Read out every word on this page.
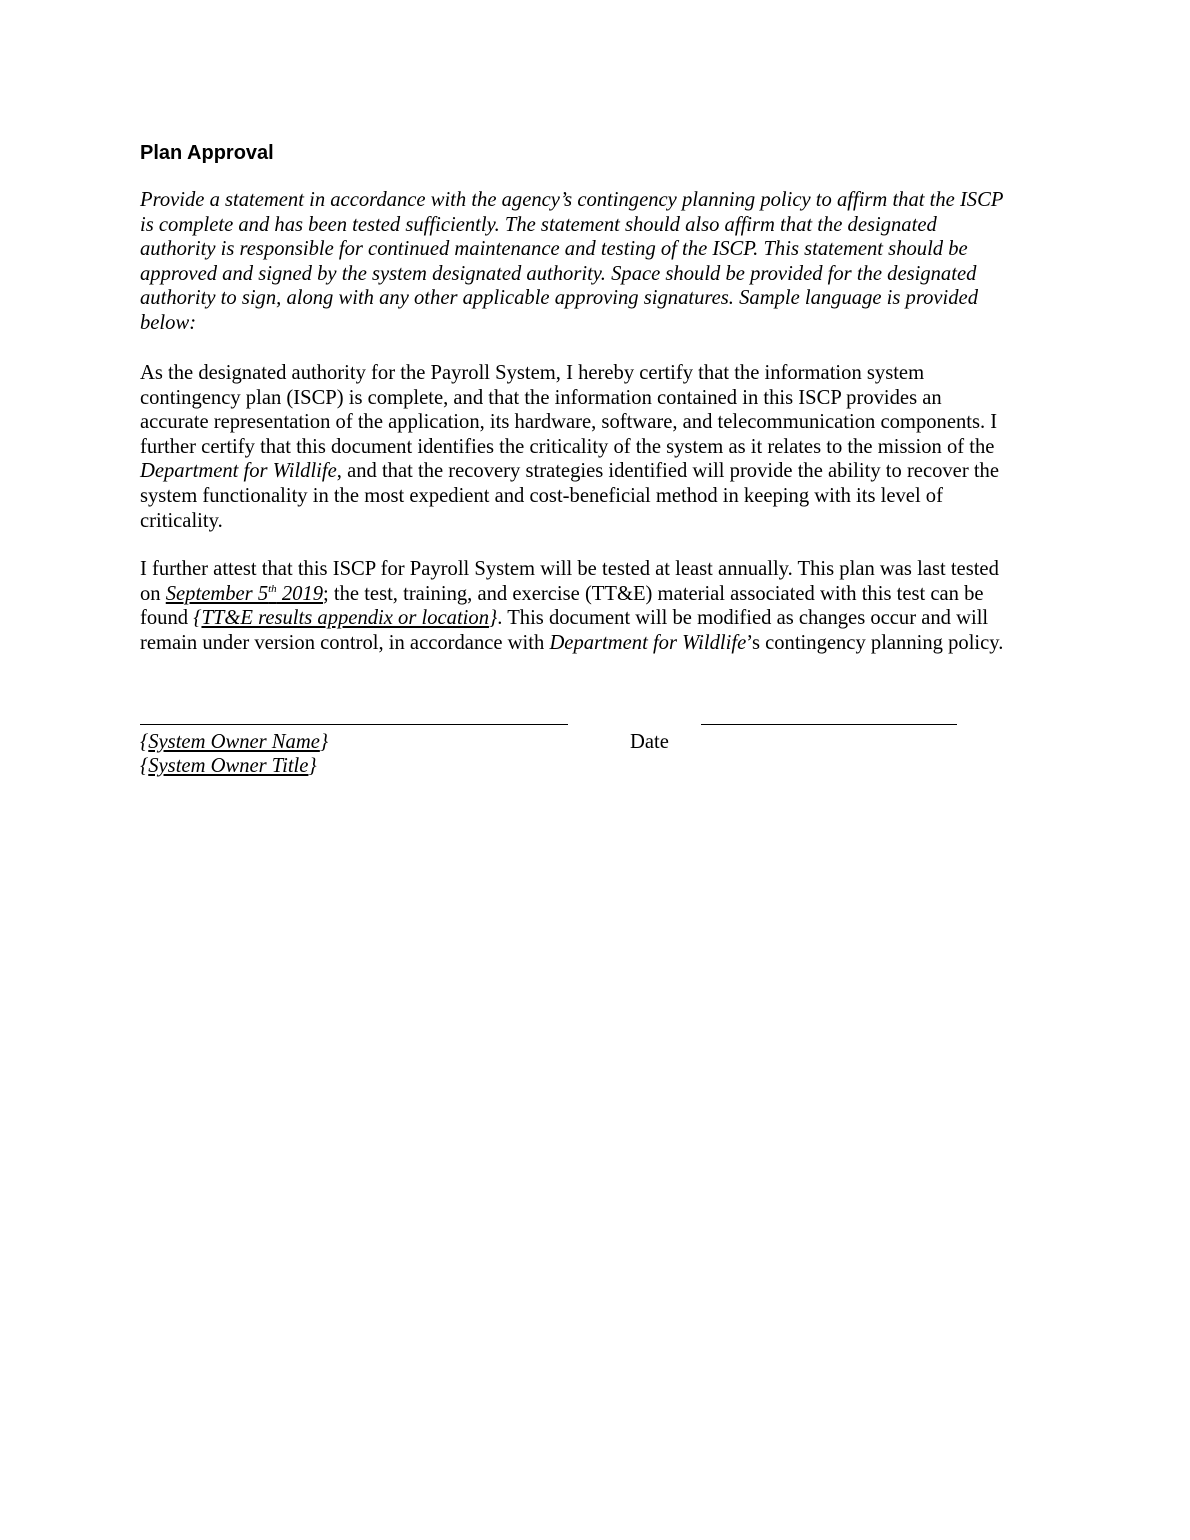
Plan Approval

Provide a statement in accordance with the agency’s contingency planning policy to affirm that the ISCP
is complete and has been tested sufficiently. The statement should also affirm that the designated
authority is responsible for continued maintenance and testing of the ISCP. This statement should be
approved and signed by the system designated authority. Space should be provided for the designated
authority to sign, along with any other applicable approving signatures. Sample language is provided
below:

As the designated authority for the Payroll System, I hereby certify that the information system
contingency plan (ISCP) is complete, and that the information contained in this ISCP provides an
accurate representation of the application, its hardware, software, and telecommunication components. I
further certify that this document identifies the criticality of the system as it relates to the mission of the
Department for Wildlife, and that the recovery strategies identified will provide the ability to recover the
system functionality in the most expedient and cost-beneficial method in keeping with its level of
criticality.

I further attest that this ISCP for Payroll System will be tested at least annually. This plan was last tested
on September 5th 2019; the test, training, and exercise (TT&E) material associated with this test can be
found {TT&E results appendix or location}. This document will be modified as changes occur and will
remain under version control, in accordance with Department for Wildlife’s contingency planning policy.

{System Owner Name}
{System Owner Title}
Date
